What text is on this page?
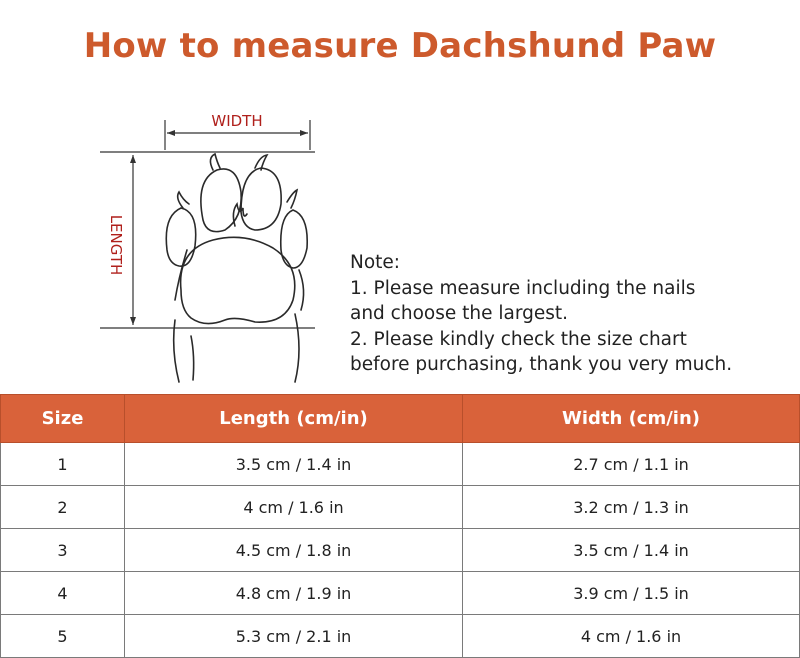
How to measure Dachshund Paw
WIDTH
LENGTH	Note:
1. Please measure including the nails
and choose the largest.
2. Please kindly check the size chart
before purchasing, thank you very much.
Size	Length (cm/in)	Width (cm/in)
1	3.5 cm / 1.4 in	2.7 cm / 1.1 in
2	4 cm / 1.6 in	3.2 cm / 1.3 in
3	4.5 cm / 1.8 in	3.5 cm / 1.4 in
4	4.8 cm / 1.9 in	3.9 cm / 1.5 in
5	5.3 cm / 2.1 in	4 cm / 1.6 in
